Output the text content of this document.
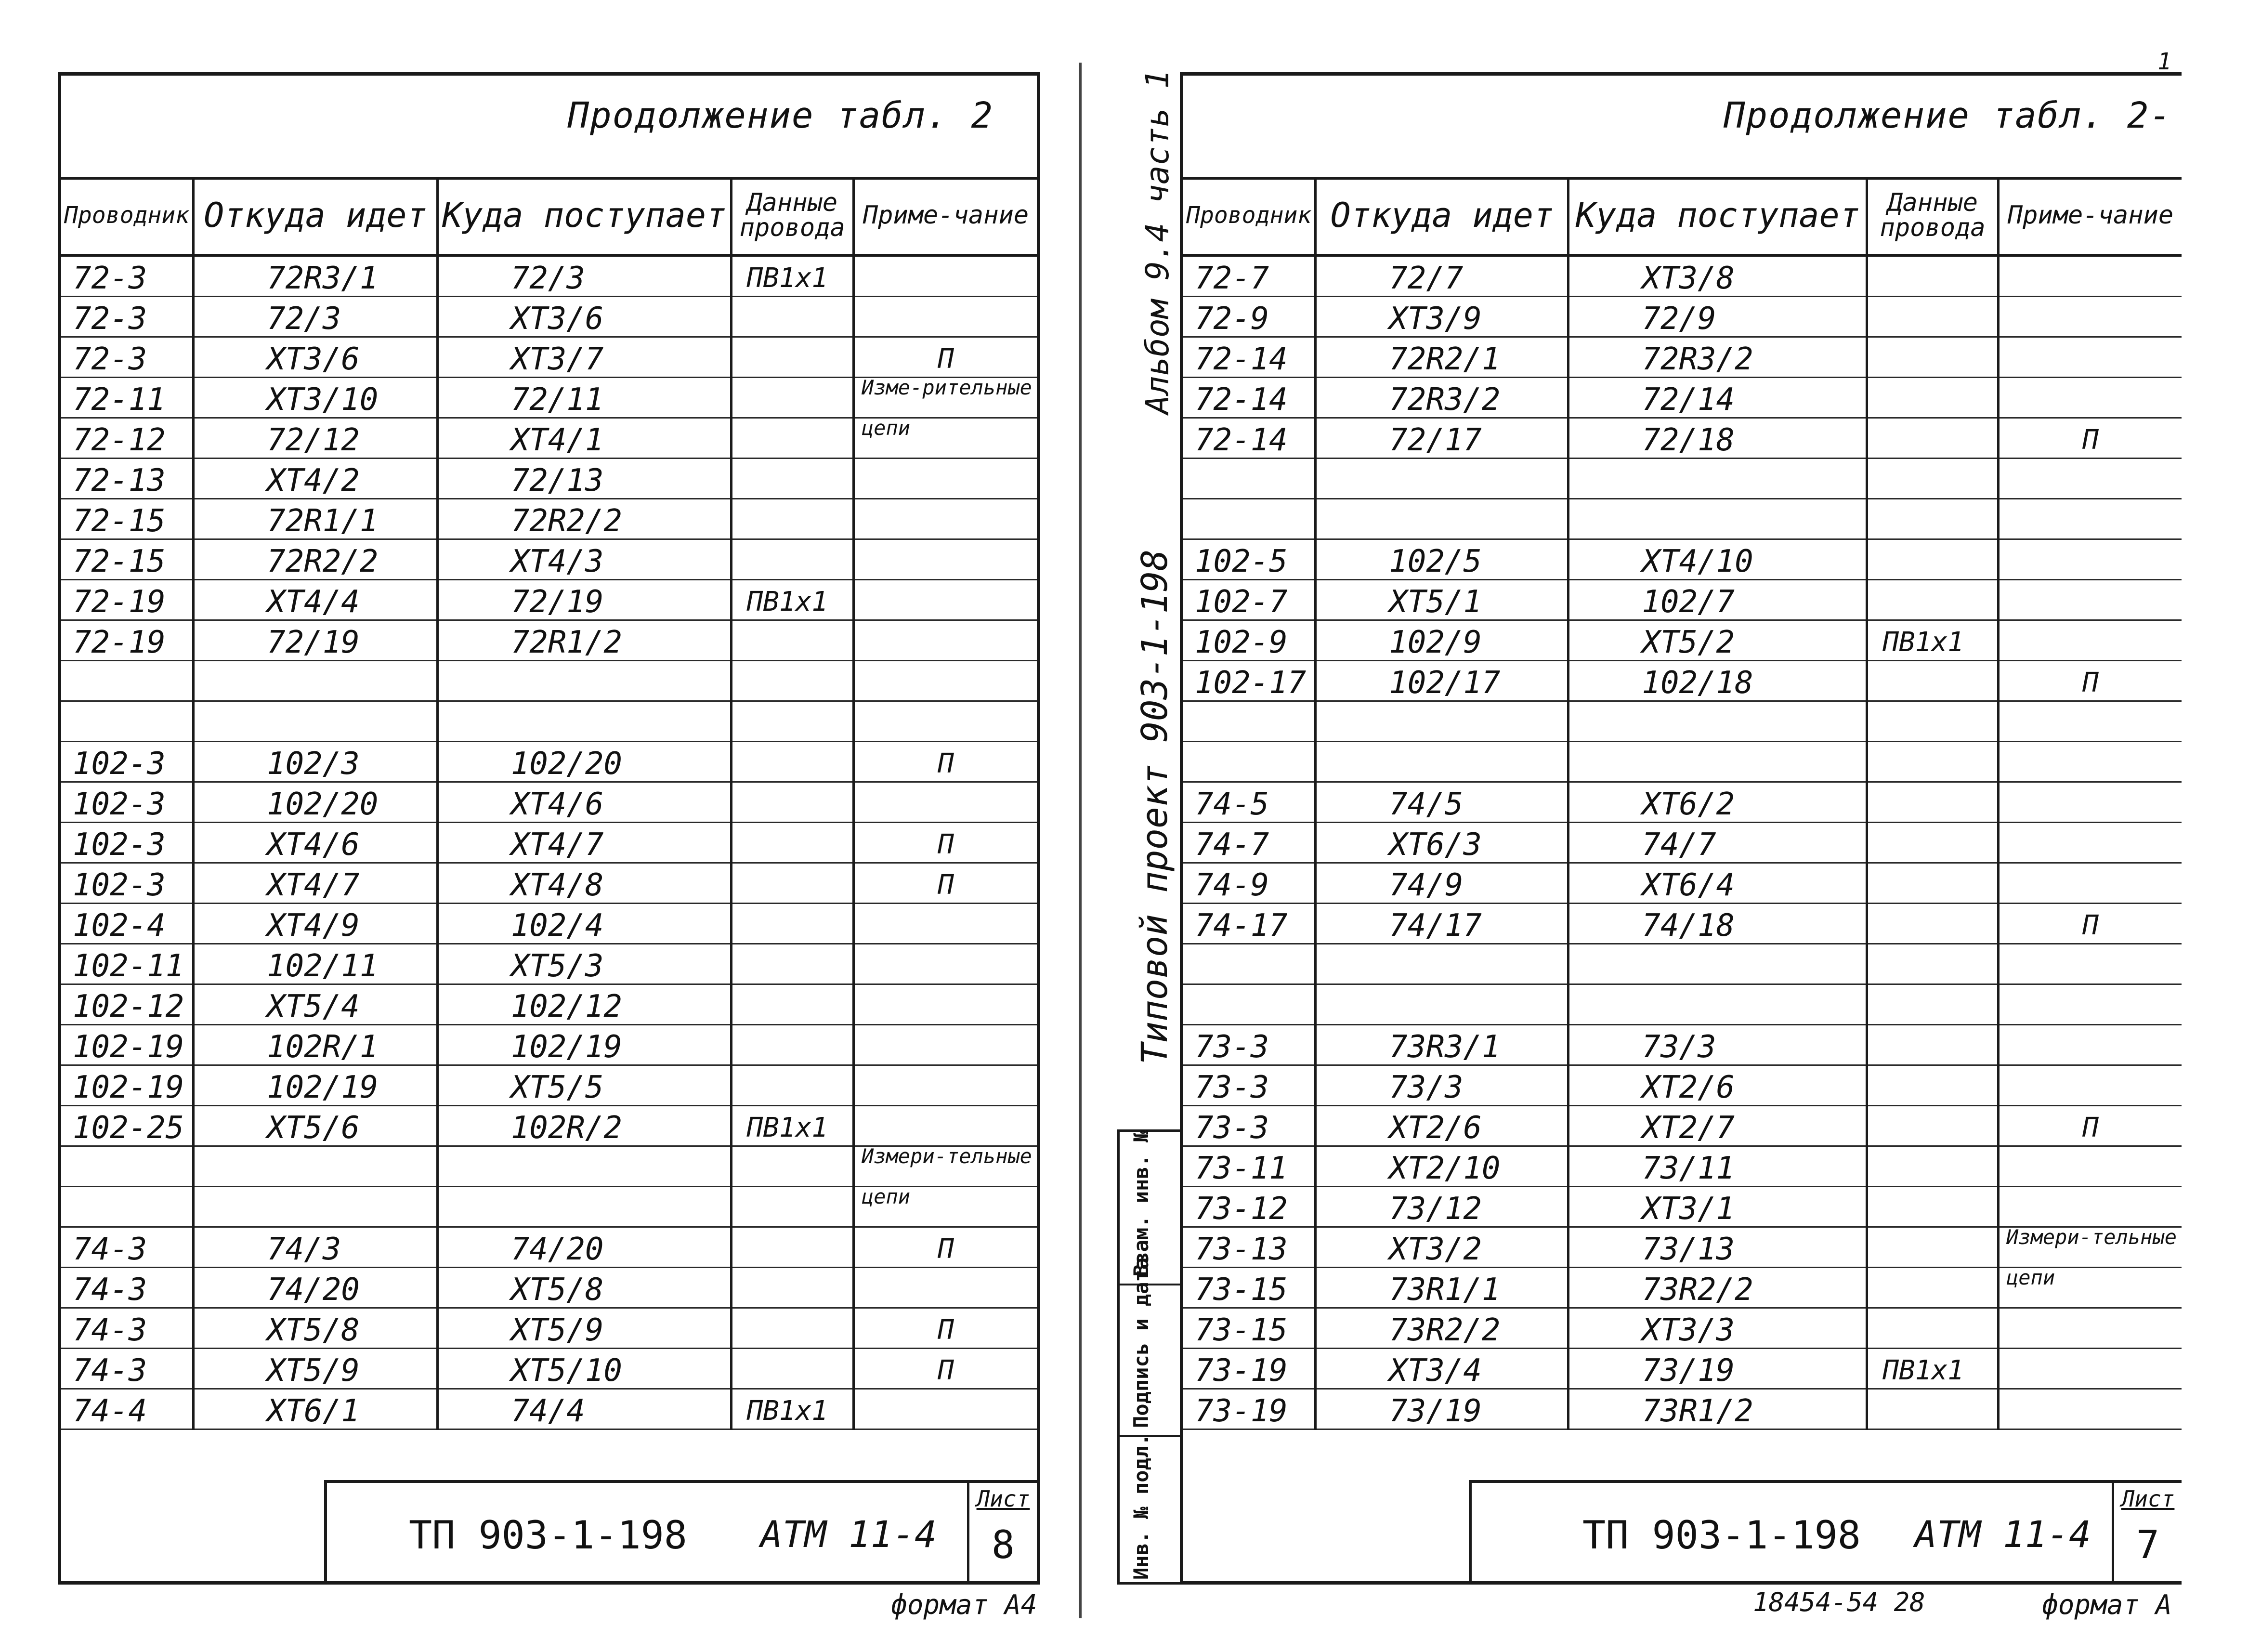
Продолжение табл. 2
Проводник	Откуда идет	Куда поступает	Данные провода	Приме-чание
72-3	72R3/1	72/3	ПВ1х1	
72-3	72/3	XT3/6		
72-3	XT3/6	XT3/7		П
72-11	XT3/10	72/11		Изме-рительные
72-12	72/12	XT4/1		цепи
72-13	XT4/2	72/13		
72-15	72R1/1	72R2/2		
72-15	72R2/2	XT4/3		
72-19	XT4/4	72/19	ПВ1х1	
72-19	72/19	72R1/2		

102-3	102/3	102/20		П
102-3	102/20	XT4/6		
102-3	XT4/6	XT4/7		П
102-3	XT4/7	XT4/8		П
102-4	XT4/9	102/4		
102-11	102/11	XT5/3		
102-12	XT5/4	102/12		
102-19	102R/1	102/19		
102-19	102/19	XT5/5		
102-25	XT5/6	102R/2	ПВ1х1	
				Измери-тельные
				цепи
74-3	74/3	74/20		П
74-3	74/20	XT5/8		
74-3	XT5/8	XT5/9		П
74-3	XT5/9	XT5/10		П
74-4	XT6/1	74/4	ПВ1х1	
ТП 903-1-198 АТМ 11-4
Лист
8
формат А4
Альбом 9.4 часть 1
Типовой проект 903-1-198
Взам. инв. №
Подпись и дата
Инв. № подл.
Продолжение табл. 2-
Проводник	Откуда идет	Куда поступает	Данные провода	Приме-чание
72-7	72/7	XT3/8		
72-9	XT3/9	72/9		
72-14	72R2/1	72R3/2		
72-14	72R3/2	72/14		
72-14	72/17	72/18		П

102-5	102/5	XT4/10		
102-7	XT5/1	102/7		
102-9	102/9	XT5/2	ПВ1х1	
102-17	102/17	102/18		П

74-5	74/5	XT6/2		
74-7	XT6/3	74/7		
74-9	74/9	XT6/4		
74-17	74/17	74/18		П

73-3	73R3/1	73/3		
73-3	73/3	XT2/6		
73-3	XT2/6	XT2/7		П
73-11	XT2/10	73/11		
73-12	73/12	XT3/1		
73-13	XT3/2	73/13		Измери-тельные
73-15	73R1/1	73R2/2		цепи
73-15	73R2/2	XT3/3		
73-19	XT3/4	73/19	ПВ1х1	
73-19	73/19	73R1/2		
ТП 903-1-198 АТМ 11-4
Лист
7
формат А
18454-54 28
1
